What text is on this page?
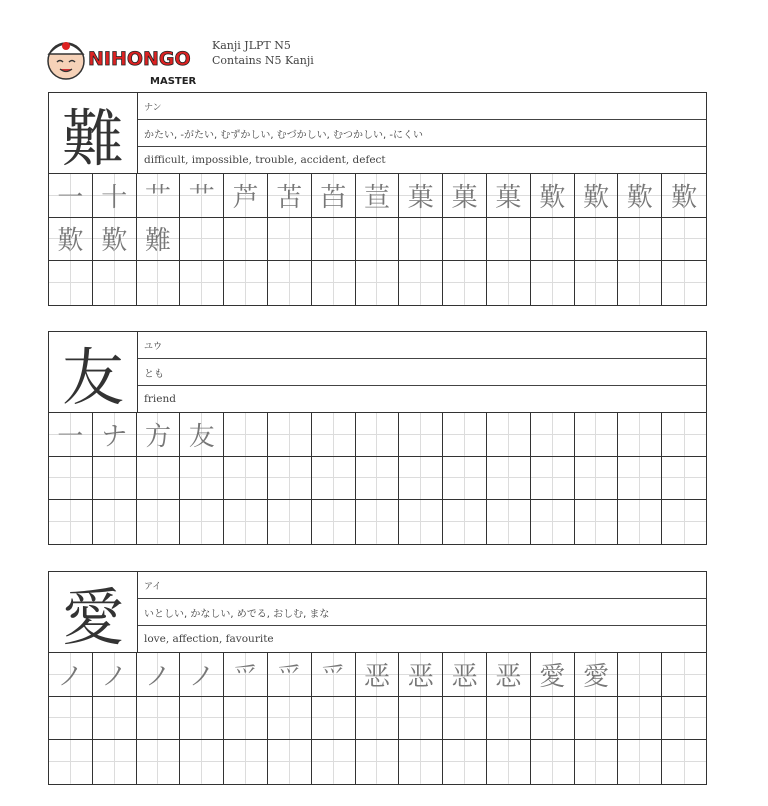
NIHONGO
MASTER
Kanji JLPT N5
Contains N5 Kanji
難	ナン
かたい, -がたい, むずかしい, むづかしい, むつかしい, -にくい
difficult, impossible, trouble, accident, defect
一 十 艹 艹 芦 苫 苩 荁 菓 菓 菓 歎 歎 歎 歎
歎 歎 難
友	ユウ
とも
friend
一 ナ 方 友
愛	アイ
いとしい, かなしい, めでる, おしむ, まな
love, affection, favourite
ノ ノ ノ ノ 爫 爫 爫 恶 恶 恶 恶 愛 愛
